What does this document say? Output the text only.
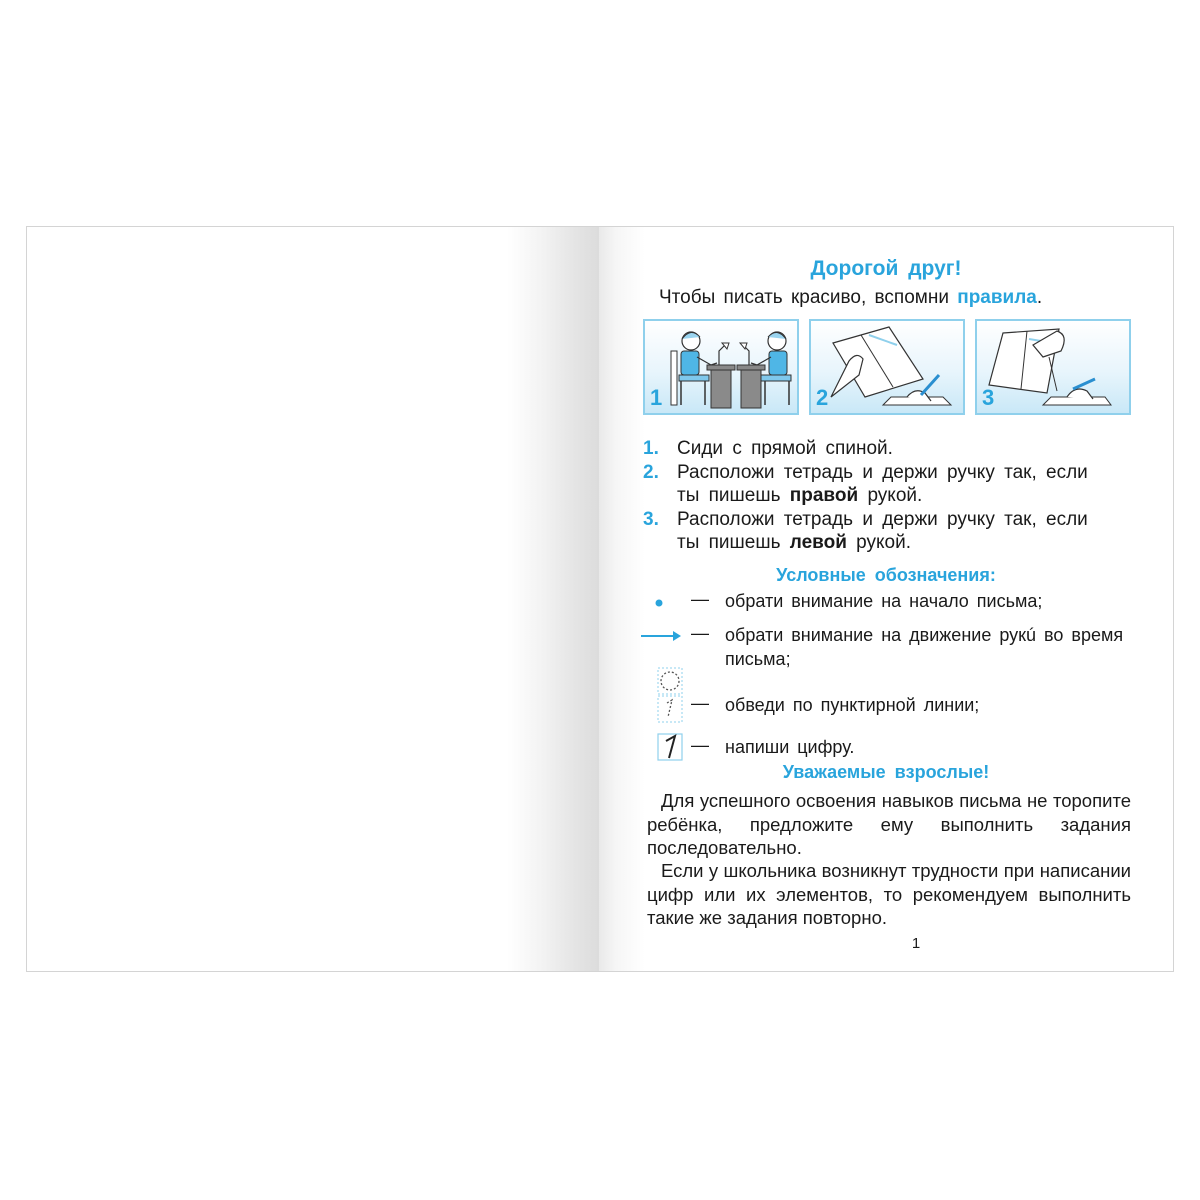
Дорогой друг!
Чтобы писать красиво, вспомни правила.
1	2	3
1. Сиди с прямой спиной.
2. Расположи тетрадь и держи ручку так, если ты пишешь правой рукой.
3. Расположи тетрадь и держи ручку так, если ты пишешь левой рукой.
Условные обозначения:
— обрати внимание на начало письма;
— обрати внимание на движение рукú во время письма;
— обведи по пунктирной линии;
— напиши цифру.
Уважаемые взрослые!
Для успешного освоения навыков письма не торопите ребёнка, предложите ему выполнить задания последовательно.
Если у школьника возникнут трудности при написании цифр или их элементов, то рекомендуем выполнить такие же задания повторно.
1
